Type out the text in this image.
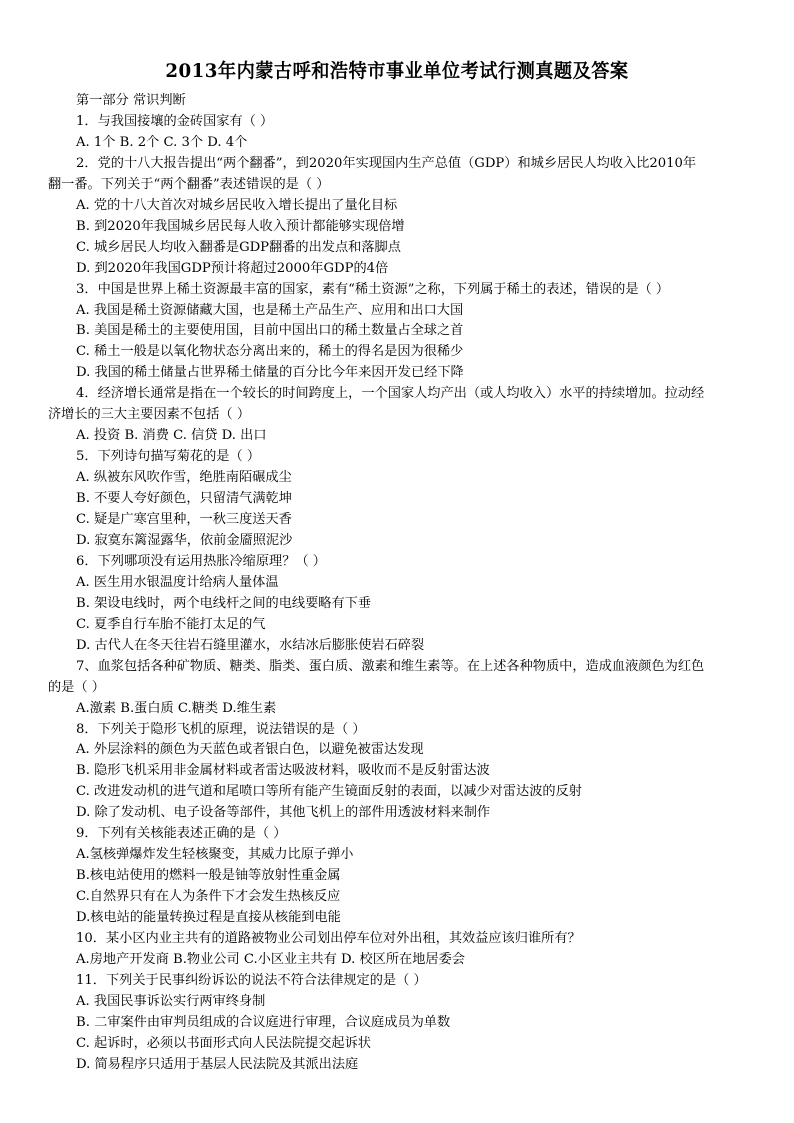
2013年内蒙古呼和浩特市事业单位考试行测真题及答案
第一部分 常识判断
1．与我国接壤的金砖国家有（ ）
A. 1个 B. 2个 C. 3个 D. 4个
2．党的十八大报告提出“两个翻番”，到2020年实现国内生产总值（GDP）和城乡居民人均收入比2010年
翻一番。下列关于“两个翻番”表述错误的是（ ）
A. 党的十八大首次对城乡居民收入增长提出了量化目标
B. 到2020年我国城乡居民每人收入预计都能够实现倍增
C. 城乡居民人均收入翻番是GDP翻番的出发点和落脚点
D. 到2020年我国GDP预计将超过2000年GDP的4倍
3．中国是世界上稀土资源最丰富的国家，素有“稀土资源”之称，下列属于稀土的表述，错误的是（ ）
A. 我国是稀土资源储藏大国，也是稀土产品生产、应用和出口大国
B. 美国是稀土的主要使用国，目前中国出口的稀土数量占全球之首
C. 稀土一般是以氧化物状态分离出来的，稀土的得名是因为很稀少
D. 我国的稀土储量占世界稀土储量的百分比今年来因开发已经下降
4．经济增长通常是指在一个较长的时间跨度上，一个国家人均产出（或人均收入）水平的持续增加。拉动经
济增长的三大主要因素不包括（ ）
A. 投资 B. 消费 C. 信贷 D. 出口
5．下列诗句描写菊花的是（ ）
A. 纵被东风吹作雪，绝胜南陌碾成尘
B. 不要人夸好颜色，只留清气满乾坤
C. 疑是广寒宫里种，一秋三度送天香
D. 寂寞东篱湿露华，依前金靥照泥沙
6．下列哪项没有运用热胀冷缩原理？（ ）
A. 医生用水银温度计给病人量体温
B. 架设电线时，两个电线杆之间的电线要略有下垂
C. 夏季自行车胎不能打太足的气
D. 古代人在冬天往岩石缝里灌水，水结冰后膨胀使岩石碎裂
7、血浆包括各种矿物质、糖类、脂类、蛋白质、激素和维生素等。在上述各种物质中，造成血液颜色为红色
的是（ ）
A.激素 B.蛋白质 C.糖类 D.维生素
8．下列关于隐形飞机的原理，说法错误的是（ ）
A. 外层涂料的颜色为天蓝色或者银白色，以避免被雷达发现
B. 隐形飞机采用非金属材料或者雷达吸波材料，吸收而不是反射雷达波
C. 改进发动机的进气道和尾喷口等所有能产生镜面反射的表面，以减少对雷达波的反射
D. 除了发动机、电子设备等部件，其他飞机上的部件用透波材料来制作
9．下列有关核能表述正确的是（ ）
A.氢核弹爆炸发生轻核聚变，其威力比原子弹小
B.核电站使用的燃料一般是铀等放射性重金属
C.自然界只有在人为条件下才会发生热核反应
D.核电站的能量转换过程是直接从核能到电能
10．某小区内业主共有的道路被物业公司划出停车位对外出租，其效益应该归谁所有？
A.房地产开发商 B.物业公司 C.小区业主共有 D. 校区所在地居委会
11．下列关于民事纠纷诉讼的说法不符合法律规定的是（ ）
A. 我国民事诉讼实行两审终身制
B. 二审案件由审判员组成的合议庭进行审理，合议庭成员为单数
C. 起诉时，必须以书面形式向人民法院提交起诉状
D. 简易程序只适用于基层人民法院及其派出法庭
